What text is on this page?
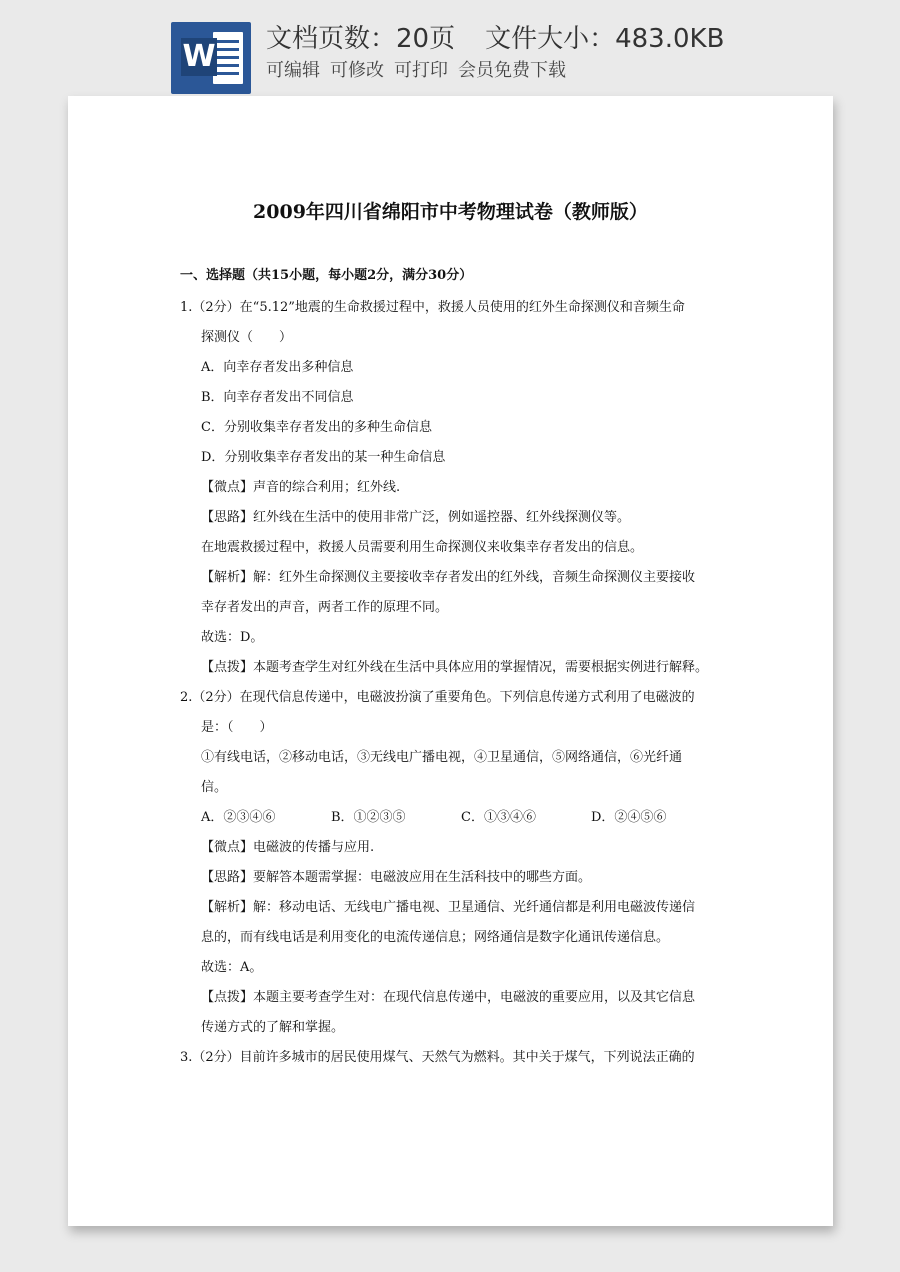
W 文档页数：20页 文件大小：483.0KB
可编辑 可修改 可打印 会员免费下载
2009年四川省绵阳市中考物理试卷（教师版）
一、选择题（共15小题，每小题2分，满分30分）
1.（2分）在“5.12”地震的生命救援过程中，救援人员使用的红外生命探测仪和音频生命
探测仪（　　）
A．向幸存者发出多种信息
B．向幸存者发出不同信息
C．分别收集幸存者发出的多种生命信息
D．分别收集幸存者发出的某一种生命信息
【微点】声音的综合利用；红外线.
【思路】红外线在生活中的使用非常广泛，例如遥控器、红外线探测仪等。
在地震救援过程中，救援人员需要利用生命探测仪来收集幸存者发出的信息。
【解析】解：红外生命探测仪主要接收幸存者发出的红外线，音频生命探测仪主要接收
幸存者发出的声音，两者工作的原理不同。
故选：D。
【点拨】本题考查学生对红外线在生活中具体应用的掌握情况，需要根据实例进行解释。
2.（2分）在现代信息传递中，电磁波扮演了重要角色。下列信息传递方式利用了电磁波的
是：（　　）
①有线电话，②移动电话，③无线电广播电视，④卫星通信，⑤网络通信，⑥光纤通
信。
A．②③④⑥	B．①②③⑤	C．①③④⑥	D．②④⑤⑥
【微点】电磁波的传播与应用.
【思路】要解答本题需掌握：电磁波应用在生活科技中的哪些方面。
【解析】解：移动电话、无线电广播电视、卫星通信、光纤通信都是利用电磁波传递信
息的，而有线电话是利用变化的电流传递信息；网络通信是数字化通讯传递信息。
故选：A。
【点拨】本题主要考查学生对：在现代信息传递中，电磁波的重要应用，以及其它信息
传递方式的了解和掌握。
3.（2分）目前许多城市的居民使用煤气、天然气为燃料。其中关于煤气，下列说法正确的
